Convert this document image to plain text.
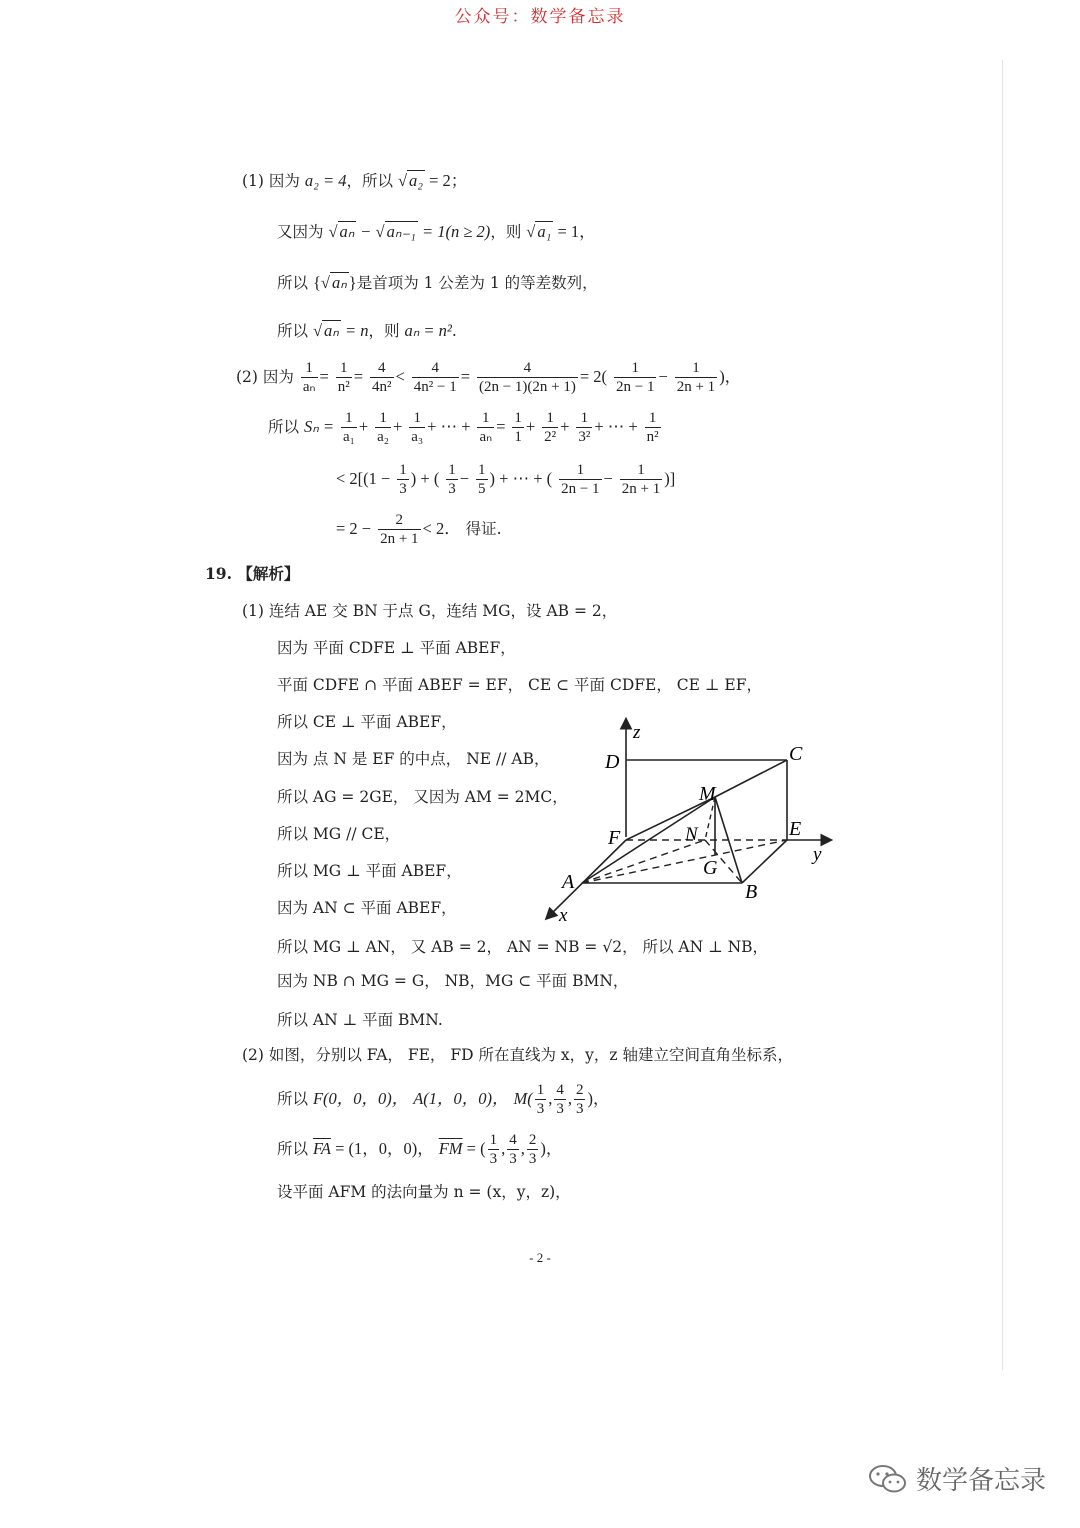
公众号：数学备忘录
(1) 因为 a₂ = 4，所以 √ a₂ = 2；
又因为 √ aₙ − √ aₙ₋₁ = 1(n ≥ 2)，则 √ a₁ = 1，
所以 {√ aₙ }是首项为 1 公差为 1 的等差数列，
所以 √ aₙ = n，则 aₙ = n².
(2) 因为 $\frac{1}{\text{aₙ}} = \frac{1}{\text{n²}} = \frac{4}{\text{4n²}} < \frac{4}{\text{4n² − 1}} = \frac{4}{(2n - 1)(2n + 1)} = 2( \frac{1}{2n - 1} - \frac{1}{2n + 1}$ )，
所以 $S_n = \frac{1}{\text{a₁}} + \frac{1}{\text{a₂}} + \frac{1}{\text{a₃}}$ + ⋯ + $\frac{1}{\text{aₙ}} = \frac{1}{1} + \frac{1}{\text{2²}} + \frac{1}{\text{3²}}$ + ⋯ + $\frac{1}{\text{n²}}$
< $2[(1 - \frac{1}{3}$ ) + ( $\frac{1}{3} - \frac{1}{5}$ ) + ⋯ + ( $\frac{1}{2n - 1} - \frac{1}{2n + 1}$ )]
= $2 - \frac{2}{2n + 1} < 2$． 得证.
19. 【解析】
(1) 连结 AE 交 BN 于点 G，连结 MG，设 AB = 2，
因为 平面 CDFE ⊥ 平面 ABEF，
平面 CDFE ∩ 平面 ABEF = EF， CE ⊂ 平面 CDFE， CE ⊥ EF，
所以 CE ⊥ 平面 ABEF，
因为 点 N 是 EF 的中点， NE // AB，
所以 AG = 2GE， 又因为 AM = 2MC，
所以 MG // CE，
所以 MG ⊥ 平面 ABEF，
因为 AN ⊂ 平面 ABEF，
所以 MG ⊥ AN， 又 AB = 2， AN = NB = √2， 所以 AN ⊥ NB，
因为 NB ∩ MG = G， NB，MG ⊂ 平面 BMN，
所以 AN ⊥ 平面 BMN.
(2) 如图，分别以 FA， FE， FD 所在直线为 x，y，z 轴建立空间直角坐标系，
所以 F(0，0，0)， A(1，0，0)， $M( \frac{1}{3}$ , $\frac{4}{3}$ , $\frac{2}{3}$ )，
所以 $\overline{FA} = (1$，0，0)， $\overline{FM}$ = ( $\frac{1}{3}$ , $\frac{4}{3}$ , $\frac{2}{3}$ )，
设平面 AFM 的法向量为 n = (x，y，z)，
z
y
x
D	C
M
N
F	E
G
A	B
- 2 -
数学备忘录
